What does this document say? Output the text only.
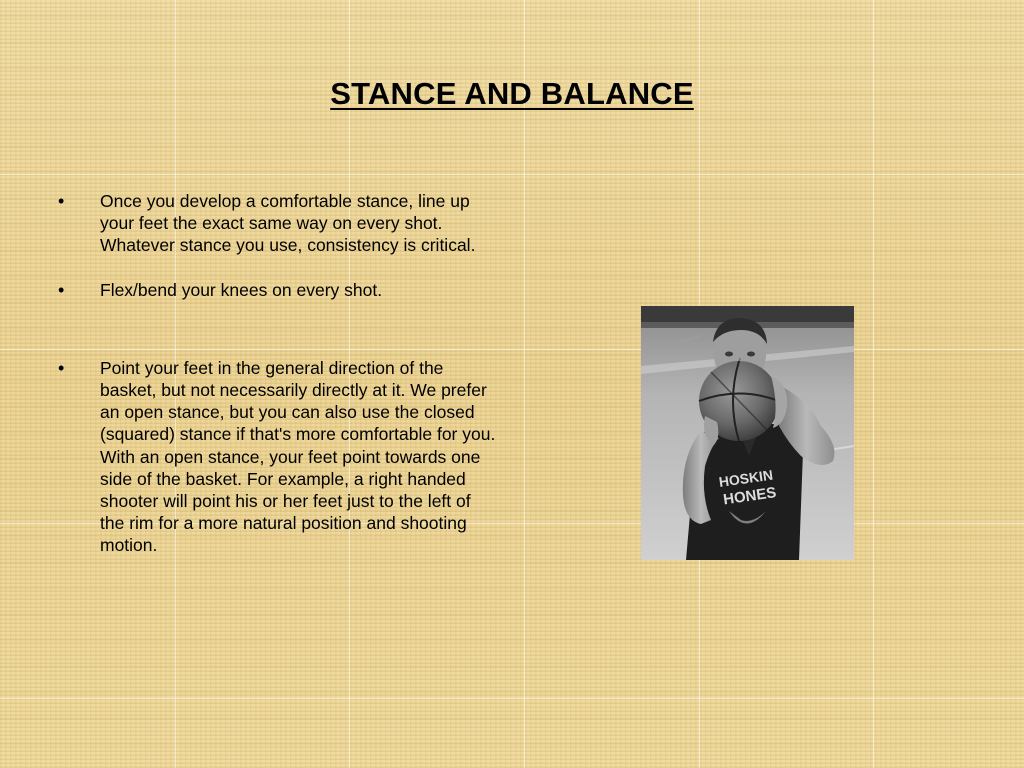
STANCE AND BALANCE
•	Once you develop a comfortable stance, line up your feet the exact same way on every shot. Whatever stance you use, consistency is critical.
•	Flex/bend your knees on every shot.
•	Point your feet in the general direction of the basket, but not necessarily directly at it. We prefer an open stance, but you can also use the closed (squared) stance if that's more comfortable for you. With an open stance, your feet point towards one side of the basket. For example, a right handed shooter will point his or her feet just to the left of the rim for a more natural position and shooting motion.
HOSKIN
HONES
